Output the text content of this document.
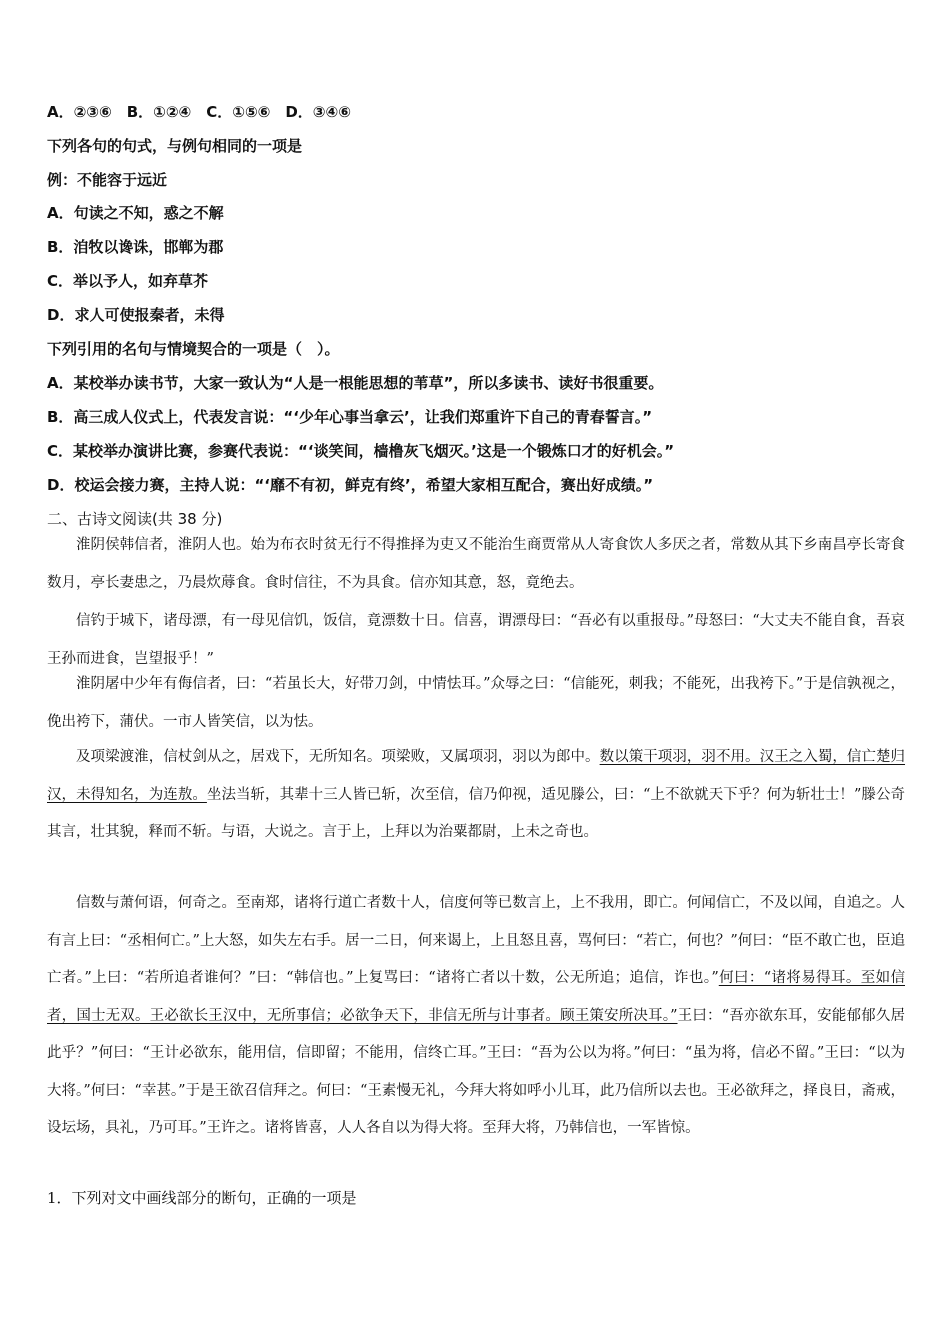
A．②③⑥　B．①②④　C．①⑤⑥　D．③④⑥
下列各句的句式，与例句相同的一项是
例：不能容于远近
A．句读之不知，惑之不解
B．洎牧以谗诛，邯郸为郡
C．举以予人，如弃草芥
D．求人可使报秦者，未得
下列引用的名句与情境契合的一项是（　）。
A．某校举办读书节，大家一致认为“人是一根能思想的苇草”，所以多读书、读好书很重要。
B．高三成人仪式上，代表发言说：“‘少年心事当拿云’，让我们郑重许下自己的青春誓言。”
C．某校举办演讲比赛，参赛代表说：“‘谈笑间，樯橹灰飞烟灭。’这是一个锻炼口才的好机会。”
D．校运会接力赛，主持人说：“‘靡不有初，鲜克有终’，希望大家相互配合，赛出好成绩。”
二、古诗文阅读(共 38 分)

淮阴侯韩信者，淮阴人也。始为布衣时贫无行不得推择为吏又不能治生商贾常从人寄食饮人多厌之者，常数从其下乡南昌亭长寄食数月，亭长妻患之，乃晨炊蓐食。食时信往，不为具食。信亦知其意，怒，竟绝去。

信钓于城下，诸母漂，有一母见信饥，饭信，竟漂数十日。信喜，谓漂母曰：“吾必有以重报母。”母怒曰：“大丈夫不能自食，吾哀王孙而进食，岂望报乎！”

淮阴屠中少年有侮信者，曰：“若虽长大，好带刀剑，中情怯耳。”众辱之曰：“信能死，刺我；不能死，出我袴下。”于是信孰视之，俛出袴下，蒲伏。一市人皆笑信，以为怯。

及项梁渡淮，信杖剑从之，居戏下，无所知名。项梁败，又属项羽，羽以为郎中。数以策干项羽，羽不用。汉王之入蜀，信亡楚归汉，未得知名，为连敖。坐法当斩，其辈十三人皆已斩，次至信，信乃仰视，适见滕公，曰：“上不欲就天下乎？何为斩壮士！”滕公奇其言，壮其貌，释而不斩。与语，大说之。言于上，上拜以为治粟都尉，上未之奇也。

信数与萧何语，何奇之。至南郑，诸将行道亡者数十人，信度何等已数言上，上不我用，即亡。何闻信亡，不及以闻，自追之。人有言上曰：“丞相何亡。”上大怒，如失左右手。居一二日，何来谒上，上且怒且喜，骂何曰：“若亡，何也？”何曰：“臣不敢亡也，臣追亡者。”上曰：“若所追者谁何？”曰：“韩信也。”上复骂曰：“诸将亡者以十数，公无所追；追信，诈也。”何曰：“诸将易得耳。至如信者，国士无双。王必欲长王汉中，无所事信；必欲争天下，非信无所与计事者。顾王策安所决耳。”王曰：“吾亦欲东耳，安能郁郁久居此乎？”何曰：“王计必欲东，能用信，信即留；不能用，信终亡耳。”王曰：“吾为公以为将。”何曰：“虽为将，信必不留。”王曰：“以为大将。”何曰：“幸甚。”于是王欲召信拜之。何曰：“王素慢无礼，今拜大将如呼小儿耳，此乃信所以去也。王必欲拜之，择良日，斋戒，设坛场，具礼，乃可耳。”王许之。诸将皆喜，人人各自以为得大将。至拜大将，乃韩信也，一军皆惊。

1．下列对文中画线部分的断句，正确的一项是
